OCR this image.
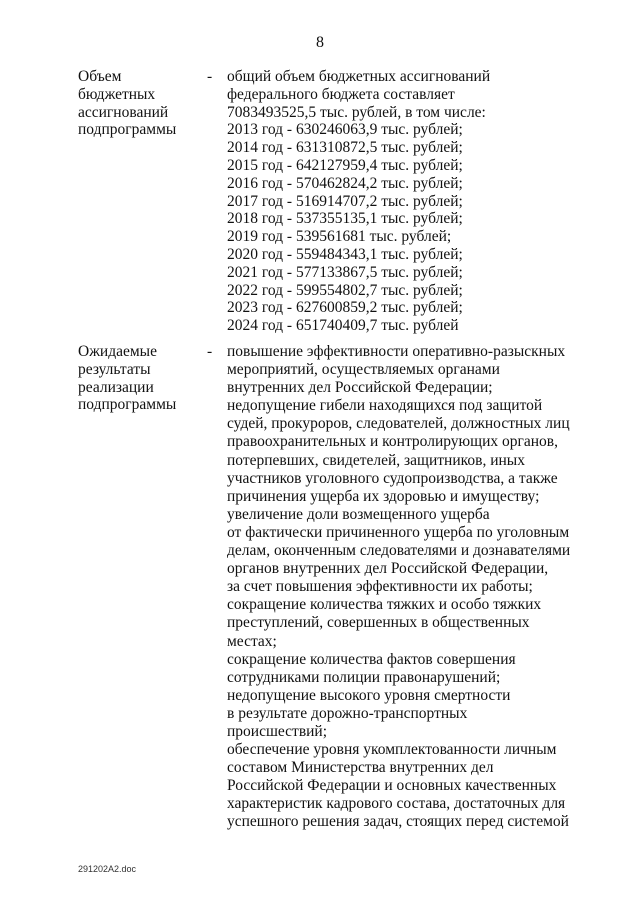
8
Объем
бюджетных
ассигнований
подпрограммы
- общий объем бюджетных ассигнований
федерального бюджета составляет
7083493525,5 тыс. рублей, в том числе:
2013 год - 630246063,9 тыс. рублей;
2014 год - 631310872,5 тыс. рублей;
2015 год - 642127959,4 тыс. рублей;
2016 год - 570462824,2 тыс. рублей;
2017 год - 516914707,2 тыс. рублей;
2018 год - 537355135,1 тыс. рублей;
2019 год - 539561681 тыс. рублей;
2020 год - 559484343,1 тыс. рублей;
2021 год - 577133867,5 тыс. рублей;
2022 год - 599554802,7 тыс. рублей;
2023 год - 627600859,2 тыс. рублей;
2024 год - 651740409,7 тыс. рублей
Ожидаемые
результаты
реализации
подпрограммы
- повышение эффективности оперативно-разыскных
мероприятий, осуществляемых органами
внутренних дел Российской Федерации;
недопущение гибели находящихся под защитой
судей, прокуроров, следователей, должностных лиц
правоохранительных и контролирующих органов,
потерпевших, свидетелей, защитников, иных
участников уголовного судопроизводства, а также
причинения ущерба их здоровью и имуществу;
увеличение доли возмещенного ущерба
от фактически причиненного ущерба по уголовным
делам, оконченным следователями и дознавателями
органов внутренних дел Российской Федерации,
за счет повышения эффективности их работы;
сокращение количества тяжких и особо тяжких
преступлений, совершенных в общественных
местах;
сокращение количества фактов совершения
сотрудниками полиции правонарушений;
недопущение высокого уровня смертности
в результате дорожно-транспортных
происшествий;
обеспечение уровня укомплектованности личным
составом Министерства внутренних дел
Российской Федерации и основных качественных
характеристик кадрового состава, достаточных для
успешного решения задач, стоящих перед системой
291202A2.doc
